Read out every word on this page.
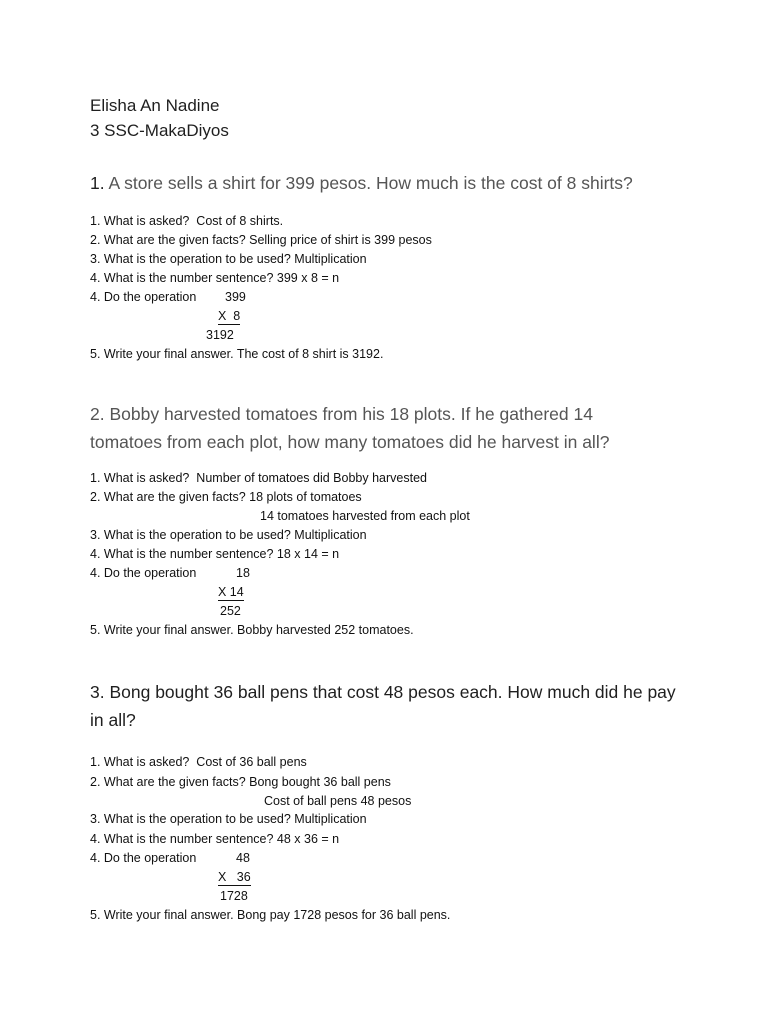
Elisha An Nadine
3 SSC-MakaDiyos
1. A store sells a shirt for 399 pesos. How much is the cost of 8 shirts?
1. What is asked?  Cost of 8 shirts.
2. What are the given facts? Selling price of shirt is 399 pesos
3. What is the operation to be used? Multiplication
4. What is the number sentence? 399 x 8 = n
4. Do the operation 399
X  8
3192
5. Write your final answer. The cost of 8 shirt is 3192.
2. Bobby harvested tomatoes from his 18 plots. If he gathered 14 tomatoes from each plot, how many tomatoes did he harvest in all?
1. What is asked?  Number of tomatoes did Bobby harvested
2. What are the given facts? 18 plots of tomatoes
14 tomatoes harvested from each plot
3. What is the operation to be used? Multiplication
4. What is the number sentence? 18 x 14 = n
4. Do the operation	18
X 14
252
5. Write your final answer. Bobby harvested 252 tomatoes.
3. Bong bought 36 ball pens that cost 48 pesos each. How much did he pay in all?
1. What is asked?  Cost of 36 ball pens
2. What are the given facts? Bong bought 36 ball pens
Cost of ball pens 48 pesos
3. What is the operation to be used? Multiplication
4. What is the number sentence? 48 x 36 = n
4. Do the operation	48
X   36
1728
5. Write your final answer. Bong pay 1728 pesos for 36 ball pens.
